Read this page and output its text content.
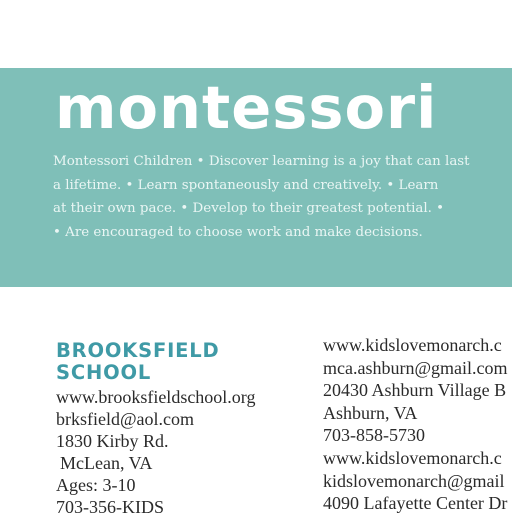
montessori
Montessori Children • Discover learning is a joy that can last
a lifetime. • Learn spontaneously and creatively. • Learn
at their own pace. • Develop to their greatest potential. •
• Are encouraged to choose work and make decisions.
BROOKSFIELD
SCHOOL
www.brooksfieldschool.org
brksfield@aol.com
1830 Kirby Rd.
McLean, VA
Ages: 3-10
703-356-KIDS
www.kidslovemonarch.c
mca.ashburn@gmail.com
20430 Ashburn Village B
Ashburn, VA
703-858-5730
www.kidslovemonarch.c
kidslovemonarch@gmail
4090 Lafayette Center Dr
